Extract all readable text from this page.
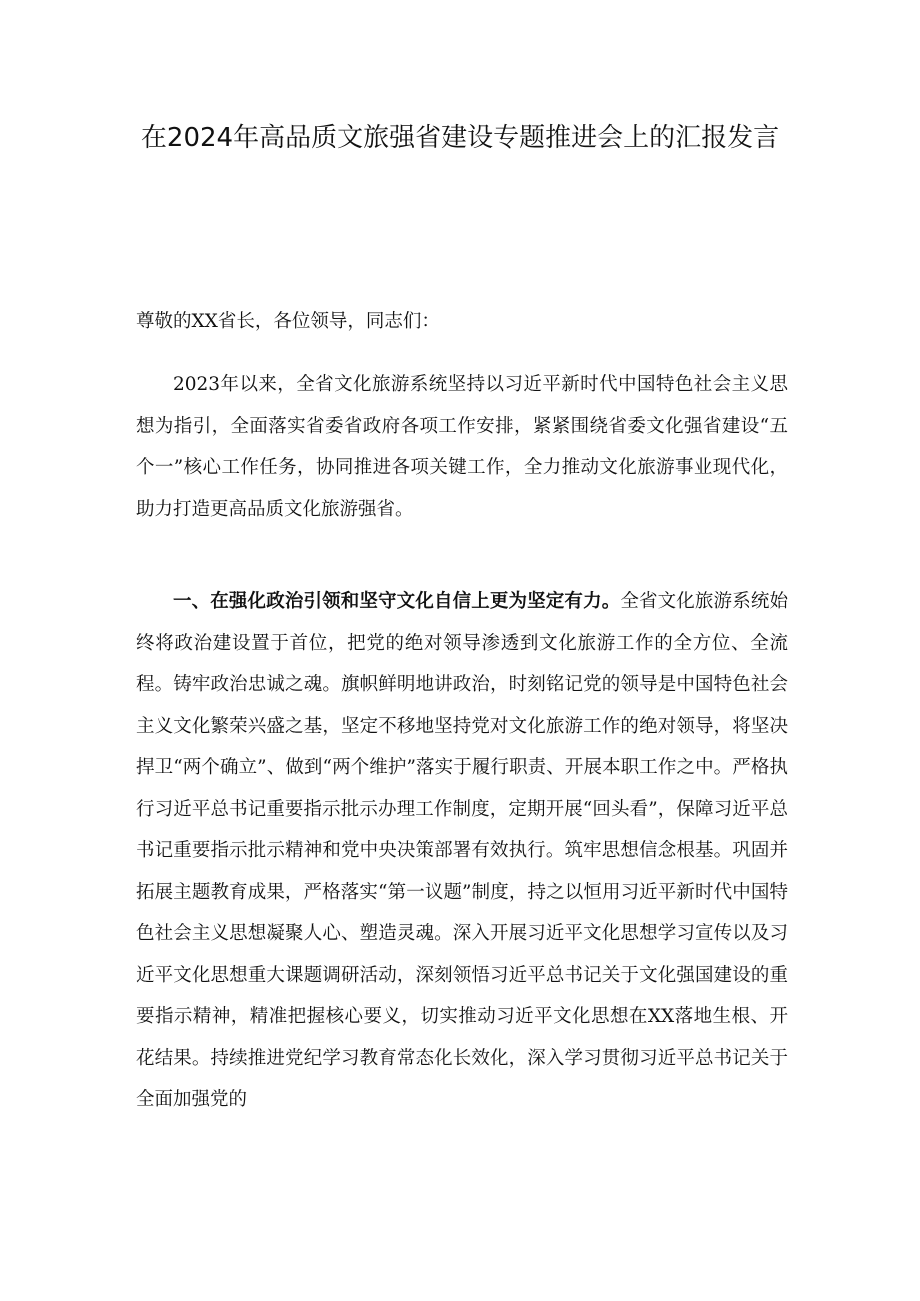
在2024年高品质文旅强省建设专题推进会上的汇报发言

尊敬的XX省长，各位领导，同志们：

2023年以来，全省文化旅游系统坚持以习近平新时代中国特色社会主义思想为指引，全面落实省委省政府各项工作安排，紧紧围绕省委文化强省建设“五个一”核心工作任务，协同推进各项关键工作，全力推动文化旅游事业现代化，助力打造更高品质文化旅游强省。

一、在强化政治引领和坚守文化自信上更为坚定有力。全省文化旅游系统始终将政治建设置于首位，把党的绝对领导渗透到文化旅游工作的全方位、全流程。铸牢政治忠诚之魂。旗帜鲜明地讲政治，时刻铭记党的领导是中国特色社会主义文化繁荣兴盛之基，坚定不移地坚持党对文化旅游工作的绝对领导，将坚决捍卫“两个确立”、做到“两个维护”落实于履行职责、开展本职工作之中。严格执行习近平总书记重要指示批示办理工作制度，定期开展“回头看”，保障习近平总书记重要指示批示精神和党中央决策部署有效执行。筑牢思想信念根基。巩固并拓展主题教育成果，严格落实“第一议题”制度，持之以恒用习近平新时代中国特色社会主义思想凝聚人心、塑造灵魂。深入开展习近平文化思想学习宣传以及习近平文化思想重大课题调研活动，深刻领悟习近平总书记关于文化强国建设的重要指示精神，精准把握核心要义，切实推动习近平文化思想在XX落地生根、开花结果。持续推进党纪学习教育常态化长效化，深入学习贯彻习近平总书记关于全面加强党的
